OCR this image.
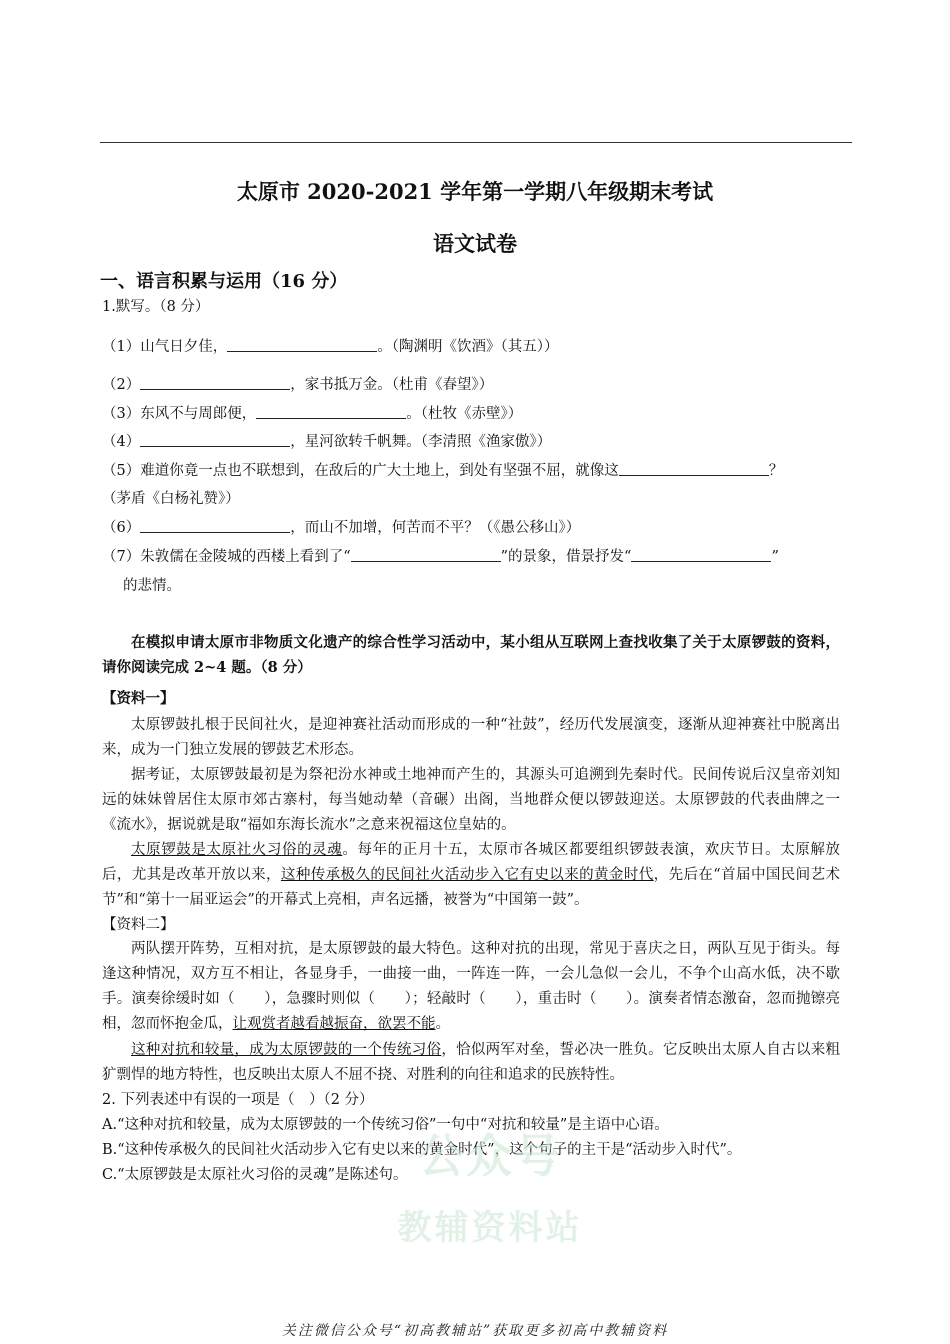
太原市 2020-2021 学年第一学期八年级期末考试
语文试卷
一、语言积累与运用（16 分）
1.默写。（8 分）
（1）山气日夕佳，	。（陶渊明《饮酒》（其五））
（2）	，家书抵万金。（杜甫《春望》）
（3）东风不与周郎便，	。（杜牧《赤壁》）
（4）	，星河欲转千帆舞。（李清照《渔家傲》）
（5）难道你竟一点也不联想到，在敌后的广大土地上，到处有坚强不屈，就像这	？
（茅盾《白杨礼赞》）
（6）	，而山不加增，何苦而不平？（《愚公移山》）
（7）朱敦儒在金陵城的西楼上看到了“	”的景象，借景抒发“	”
的悲情。
在模拟申请太原市非物质文化遗产的综合性学习活动中，某小组从互联网上查找收集了关于太原锣鼓的资料，请你阅读完成 2~4 题。（8 分）
【资料一】
太原锣鼓扎根于民间社火，是迎神赛社活动而形成的一种“社鼓”，经历代发展演变，逐渐从迎神赛社中脱离出来，成为一门独立发展的锣鼓艺术形态。
据考证，太原锣鼓最初是为祭祀汾水神或土地神而产生的，其源头可追溯到先秦时代。民间传说后汉皇帝刘知远的妹妹曾居住太原市郊古寨村，每当她动辇（音碾）出阁，当地群众便以锣鼓迎送。太原锣鼓的代表曲牌之一《流水》，据说就是取“福如东海长流水”之意来祝福这位皇姑的。
太原锣鼓是太原社火习俗的灵魂。每年的正月十五，太原市各城区都要组织锣鼓表演，欢庆节日。太原解放后，尤其是改革开放以来，这种传承极久的民间社火活动步入它有史以来的黄金时代，先后在“首届中国民间艺术节”和“第十一届亚运会”的开幕式上亮相，声名远播，被誉为“中国第一鼓”。
【资料二】
两队摆开阵势，互相对抗，是太原锣鼓的最大特色。这种对抗的出现，常见于喜庆之日，两队互见于街头。每逢这种情况，双方互不相让，各显身手，一曲接一曲，一阵连一阵，一会儿急似一会儿，不争个山高水低，决不歇手。演奏徐缓时如（　　），急骤时则似（　　）；轻敲时（　　），重击时（　　）。演奏者情态激奋，忽而抛镲亮相，忽而怀抱金瓜，让观赏者越看越振奋，欲罢不能。
这种对抗和较量，成为太原锣鼓的一个传统习俗，恰似两军对垒，誓必决一胜负。它反映出太原人自古以来粗犷剽悍的地方特性，也反映出太原人不屈不挠、对胜利的向往和追求的民族特性。
2. 下列表述中有误的一项是（　）（2 分）
A.“这种对抗和较量，成为太原锣鼓的一个传统习俗”一句中“对抗和较量”是主语中心语。
B.“这种传承极久的民间社火活动步入它有史以来的黄金时代”，这个句子的主干是“活动步入时代”。
C.“太原锣鼓是太原社火习俗的灵魂”是陈述句。 公众号
教辅资料站
关注微信公众号“初高教辅站”获取更多初高中教辅资料
